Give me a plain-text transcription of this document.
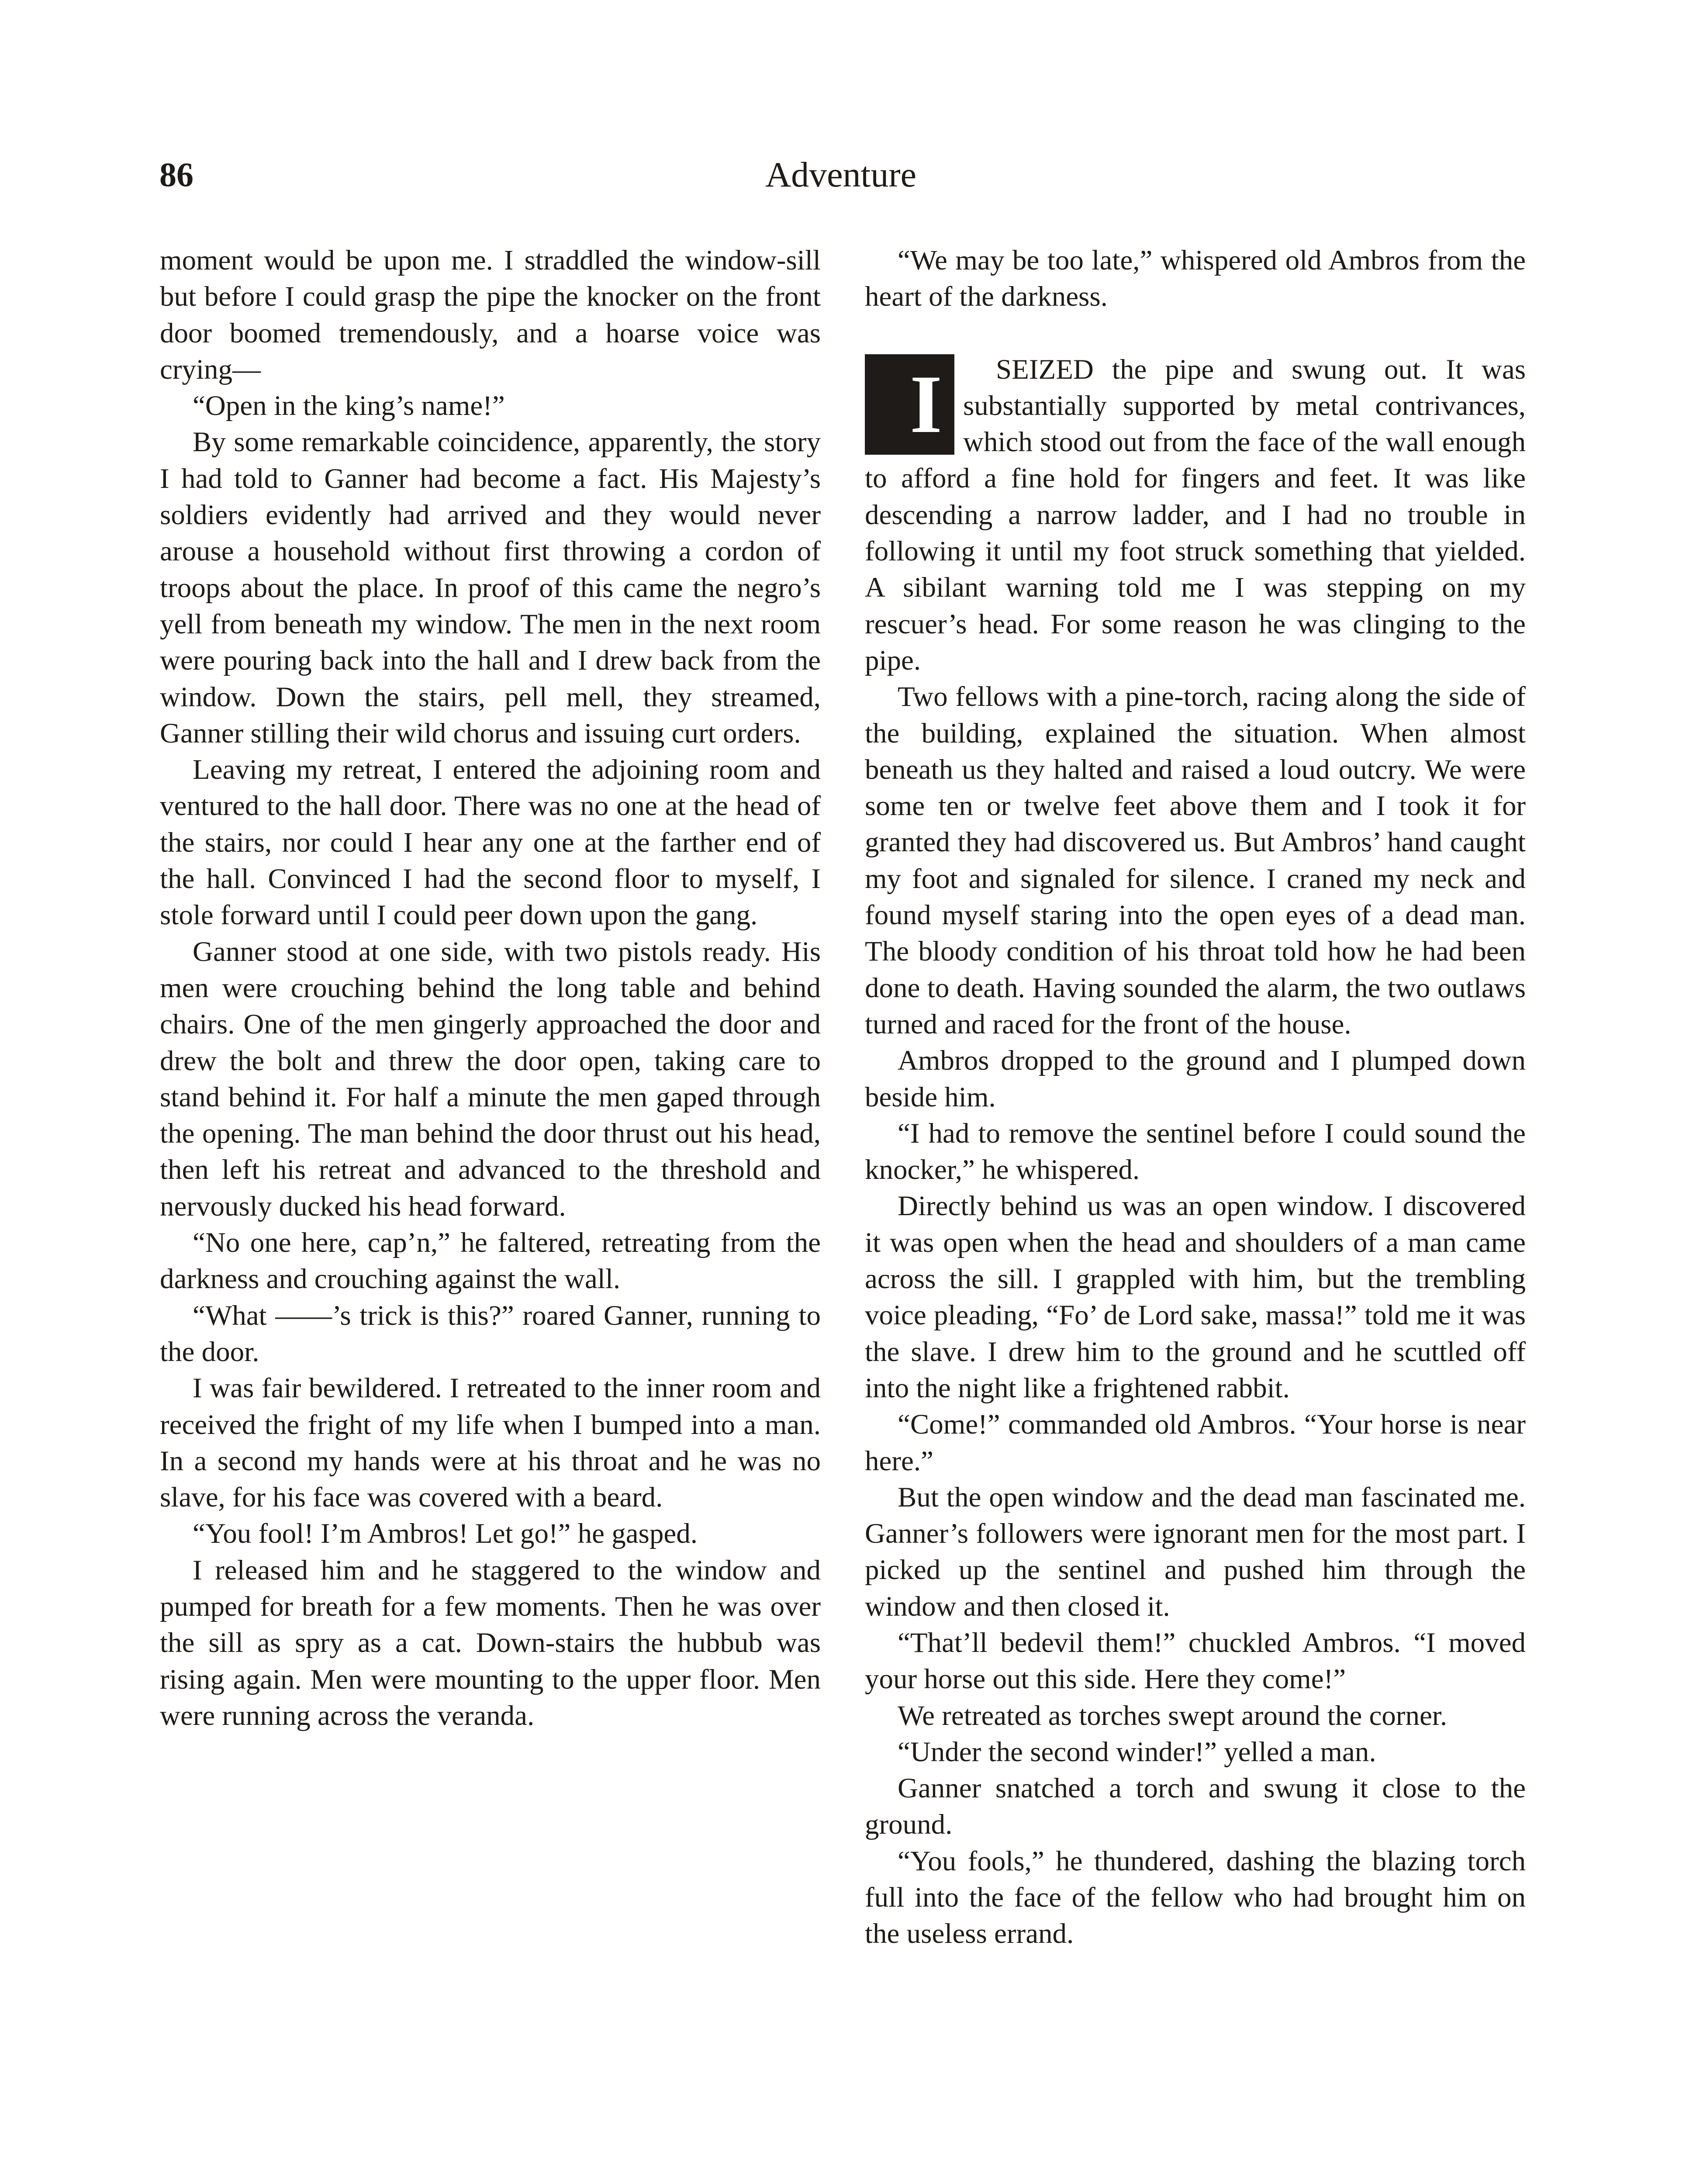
86	Adventure

moment would be upon me. I straddled the window-sill but before I could grasp the pipe the knocker on the front door boomed tremendously, and a hoarse voice was crying—

“Open in the king’s name!”

By some remarkable coincidence, apparently, the story I had told to Ganner had become a fact. His Majesty’s soldiers evidently had arrived and they would never arouse a household without first throwing a cordon of troops about the place. In proof of this came the negro’s yell from beneath my window. The men in the next room were pouring back into the hall and I drew back from the window. Down the stairs, pell mell, they streamed, Ganner stilling their wild chorus and issuing curt orders.

Leaving my retreat, I entered the adjoining room and ventured to the hall door. There was no one at the head of the stairs, nor could I hear any one at the farther end of the hall. Convinced I had the second floor to myself, I stole forward until I could peer down upon the gang.

Ganner stood at one side, with two pistols ready. His men were crouching behind the long table and behind chairs. One of the men gingerly approached the door and drew the bolt and threw the door open, taking care to stand behind it. For half a minute the men gaped through the opening. The man behind the door thrust out his head, then left his retreat and advanced to the threshold and nervously ducked his head forward.

“No one here, cap’n,” he faltered, retreating from the darkness and crouching against the wall.

“What ——’s trick is this?” roared Ganner, running to the door.

I was fair bewildered. I retreated to the inner room and received the fright of my life when I bumped into a man. In a second my hands were at his throat and he was no slave, for his face was covered with a beard.

“You fool! I’m Ambros! Let go!” he gasped.

I released him and he staggered to the window and pumped for breath for a few moments. Then he was over the sill as spry as a cat. Down-stairs the hubbub was rising again. Men were mounting to the upper floor. Men were running across the veranda.

“We may be too late,” whispered old Ambros from the heart of the darkness.

I	SEIZED the pipe and swung out. It was substantially supported by metal contrivances, which stood out from the face of the wall enough to afford a fine hold for fingers and feet. It was like descending a narrow ladder, and I had no trouble in following it until my foot struck something that yielded. A sibilant warning told me I was stepping on my rescuer’s head. For some reason he was clinging to the pipe.

Two fellows with a pine-torch, racing along the side of the building, explained the situation. When almost beneath us they halted and raised a loud outcry. We were some ten or twelve feet above them and I took it for granted they had discovered us. But Ambros’ hand caught my foot and signaled for silence. I craned my neck and found myself staring into the open eyes of a dead man. The bloody condition of his throat told how he had been done to death. Having sounded the alarm, the two outlaws turned and raced for the front of the house.

Ambros dropped to the ground and I plumped down beside him.

“I had to remove the sentinel before I could sound the knocker,” he whispered.

Directly behind us was an open window. I discovered it was open when the head and shoulders of a man came across the sill. I grappled with him, but the trembling voice pleading, “Fo’ de Lord sake, massa!” told me it was the slave. I drew him to the ground and he scuttled off into the night like a frightened rabbit.

“Come!” commanded old Ambros. “Your horse is near here.”

But the open window and the dead man fascinated me. Ganner’s followers were ignorant men for the most part. I picked up the sentinel and pushed him through the window and then closed it.

“That’ll bedevil them!” chuckled Ambros. “I moved your horse out this side. Here they come!”

We retreated as torches swept around the corner.

“Under the second winder!” yelled a man.

Ganner snatched a torch and swung it close to the ground.

“You fools,” he thundered, dashing the blazing torch full into the face of the fellow who had brought him on the useless errand.
